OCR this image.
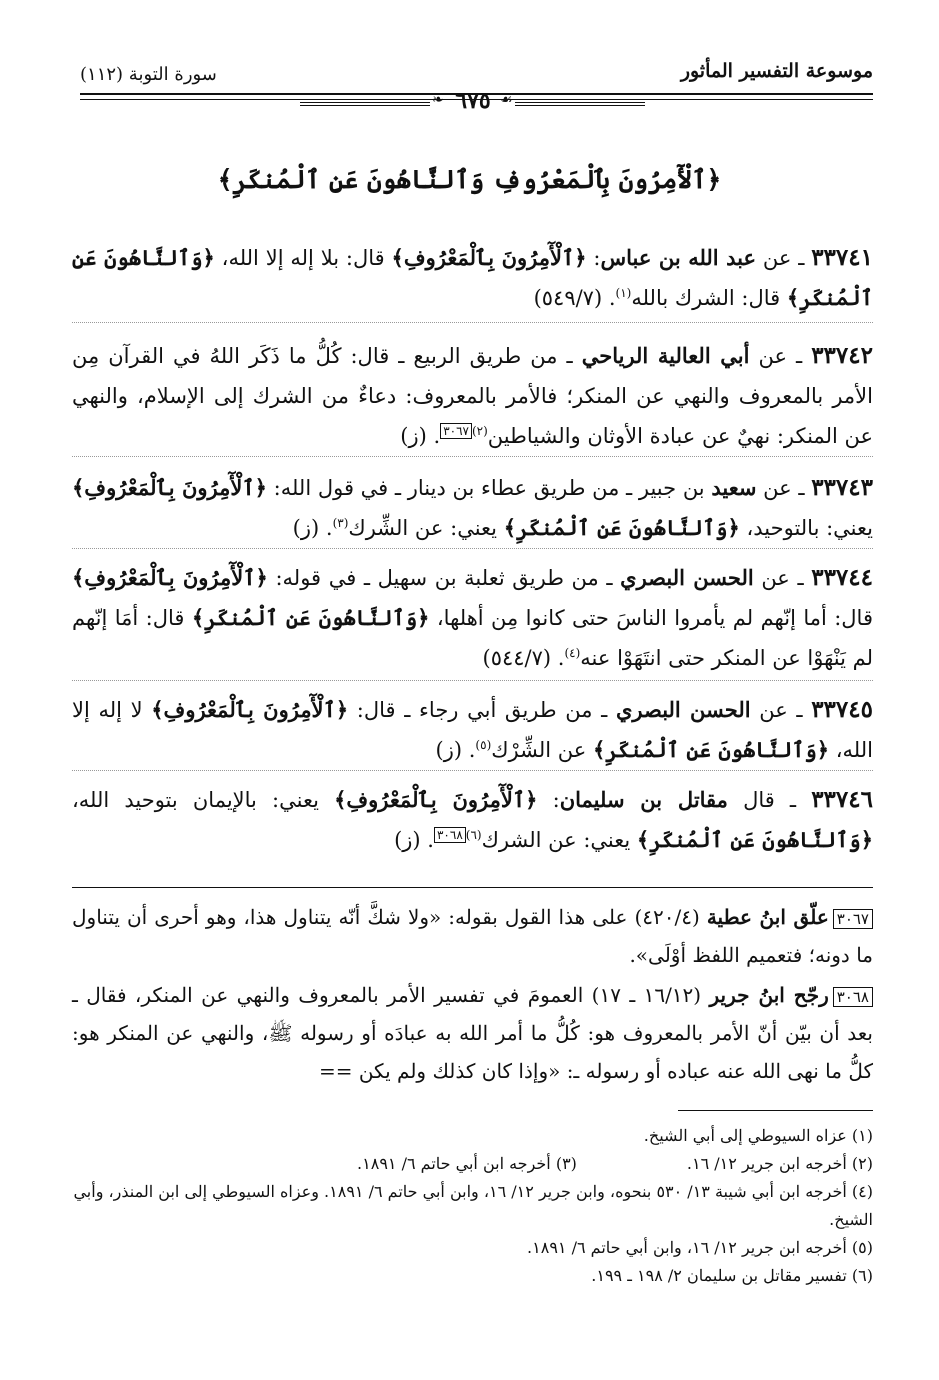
موسوعة التفسير المأثور
سورة التوبة (١١٢)
❧ ٦٧٥ ☙
﴿ٱلْأٓمِرُونَ بِٱلْمَعْرُوفِ وَٱلنَّاهُونَ عَنِ ٱلْمُنكَرِ﴾
٣٣٧٤١ ـ عن عبد الله بن عباس: ﴿ٱلْأٓمِرُونَ بِٱلْمَعْرُوفِ﴾ قال: بلا إله إلا الله، ﴿وَٱلنَّاهُونَ عَنِ ٱلْمُنكَرِ﴾ قال: الشرك بالله$^{(١)}$. (٥٤٩/٧)
٣٣٧٤٢ ـ عن أبي العالية الرياحي ـ من طريق الربيع ـ قال: كُلُّ ما ذَكَر اللهُ في القرآن مِن الأمر بالمعروف والنهي عن المنكر؛ فالأمر بالمعروف: دعاءٌ من الشرك إلى الإسلام، والنهي عن المنكر: نهيٌ عن عبادة الأوثان والشياطين$^{(٢)}$٣٠٦٧. (ز)
٣٣٧٤٣ ـ عن سعيد بن جبير ـ من طريق عطاء بن دينار ـ في قول الله: ﴿ٱلْأٓمِرُونَ بِٱلْمَعْرُوفِ﴾ يعني: بالتوحيد، ﴿وَٱلنَّاهُونَ عَنِ ٱلْمُنكَرِ﴾ يعني: عن الشِّرك$^{(٣)}$. (ز)
٣٣٧٤٤ ـ عن الحسن البصري ـ من طريق ثعلبة بن سهيل ـ في قوله: ﴿ٱلْأٓمِرُونَ بِٱلْمَعْرُوفِ﴾ قال: أما إنّهم لم يأمروا الناسَ حتى كانوا مِن أهلها، ﴿وَٱلنَّاهُونَ عَنِ ٱلْمُنكَرِ﴾ قال: أمَا إنّهم لم يَنْهَوْا عن المنكر حتى انتَهَوْا عنه$^{(٤)}$. (٥٤٤/٧)
٣٣٧٤٥ ـ عن الحسن البصري ـ من طريق أبي رجاء ـ قال: ﴿ٱلْأٓمِرُونَ بِٱلْمَعْرُوفِ﴾ لا إله إلا الله، ﴿وَٱلنَّاهُونَ عَنِ ٱلْمُنكَرِ﴾ عن الشِّرْك$^{(٥)}$. (ز)
٣٣٧٤٦ ـ قال مقاتل بن سليمان: ﴿ٱلْأٓمِرُونَ بِٱلْمَعْرُوفِ﴾ يعني: بالإيمان بتوحيد الله، ﴿وَٱلنَّاهُونَ عَنِ ٱلْمُنكَرِ﴾ يعني: عن الشرك$^{(٦)}$٣٠٦٨. (ز)
٣٠٦٧علّق ابنُ عطية (٤٢٠/٤) على هذا القول بقوله: «ولا شكَّ أنّه يتناول هذا، وهو أحرى أن يتناول ما دونه؛ فتعميم اللفظ أوْلَى».
٣٠٦٨رجّح ابنُ جرير (١٦/١٢ ـ ١٧) العمومَ في تفسير الأمر بالمعروف والنهي عن المنكر، فقال ـ بعد أن بيّن أنّ الأمر بالمعروف هو: كُلُّ ما أمر الله به عبادَه أو رسوله ﷺ، والنهي عن المنكر هو: كلُّ ما نهى الله عنه عباده أو رسوله ـ: «وإذا كان كذلك ولم يكن ==
(١) عزاه السيوطي إلى أبي الشيخ.
(٢) أخرجه ابن جرير ١٢/ ١٦.
(٣) أخرجه ابن أبي حاتم ٦/ ١٨٩١.
(٤) أخرجه ابن أبي شيبة ١٣/ ٥٣٠ بنحوه، وابن جرير ١٢/ ١٦، وابن أبي حاتم ٦/ ١٨٩١. وعزاه السيوطي إلى ابن المنذر، وأبي الشيخ.
(٥) أخرجه ابن جرير ١٢/ ١٦، وابن أبي حاتم ٦/ ١٨٩١.
(٦) تفسير مقاتل بن سليمان ٢/ ١٩٨ ـ ١٩٩.
